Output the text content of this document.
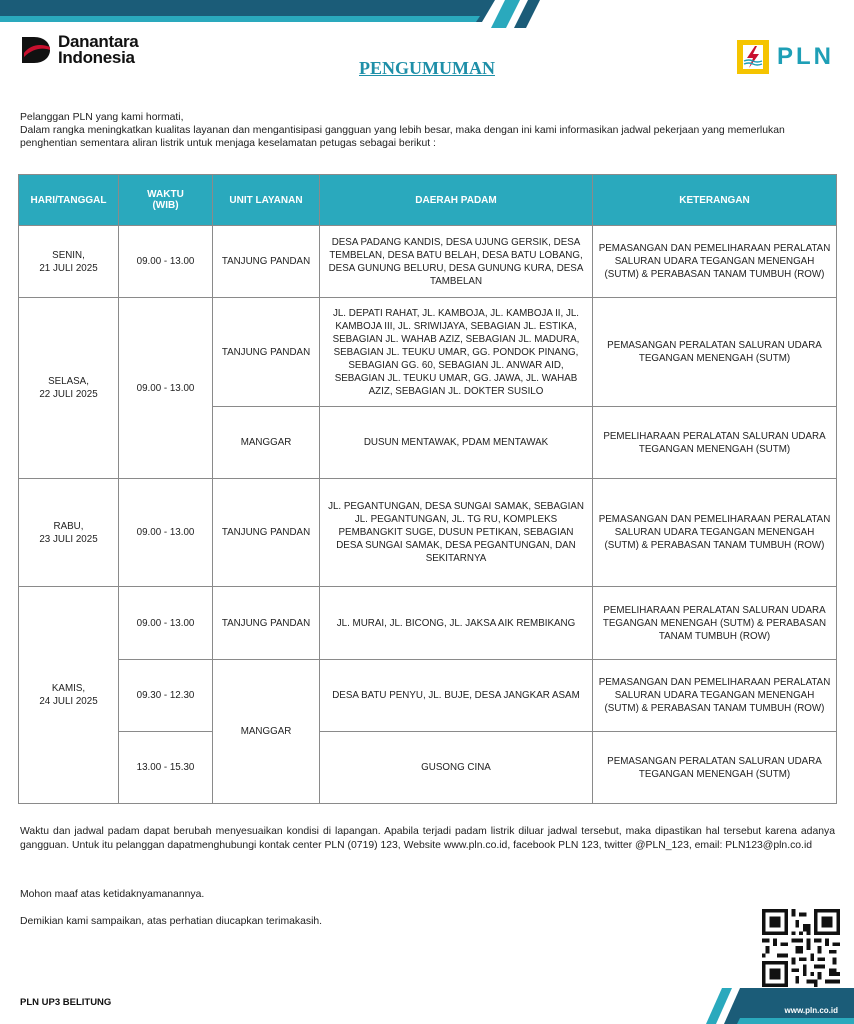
Danantara
Indonesia	PLN
PENGUMUMAN
Pelanggan PLN yang kami hormati,
Dalam rangka meningkatkan kualitas layanan dan mengantisipasi gangguan yang lebih besar, maka dengan ini kami informasikan jadwal pekerjaan yang memerlukan penghentian sementara aliran listrik untuk menjaga keselamatan petugas sebagai berikut :
HARI/TANGGAL	WAKTU
(WIB)	UNIT LAYANAN	DAERAH PADAM	KETERANGAN

SENIN,
21 JULI 2025	09.00 - 13.00	TANJUNG PANDAN	DESA PADANG KANDIS, DESA UJUNG GERSIK, DESA TEMBELAN, DESA BATU BELAH, DESA BATU LOBANG, DESA GUNUNG BELURU, DESA GUNUNG KURA, DESA TAMBELAN	PEMASANGAN DAN PEMELIHARAAN PERALATAN SALURAN UDARA TEGANGAN MENENGAH (SUTM) & PERABASAN TANAM TUMBUH (ROW)

SELASA,
22 JULI 2025	09.00 - 13.00	TANJUNG PANDAN	JL. DEPATI RAHAT, JL. KAMBOJA, JL. KAMBOJA II, JL. KAMBOJA III, JL. SRIWIJAYA, SEBAGIAN JL. ESTIKA, SEBAGIAN JL. WAHAB AZIZ, SEBAGIAN JL. MADURA, SEBAGIAN JL. TEUKU UMAR, GG. PONDOK PINANG, SEBAGIAN GG. 60, SEBAGIAN JL. ANWAR AID, SEBAGIAN JL. TEUKU UMAR, GG. JAWA, JL. WAHAB AZIZ, SEBAGIAN JL. DOKTER SUSILO	PEMASANGAN PERALATAN SALURAN UDARA TEGANGAN MENENGAH (SUTM)
		MANGGAR	DUSUN MENTAWAK, PDAM MENTAWAK	PEMELIHARAAN PERALATAN SALURAN UDARA TEGANGAN MENENGAH (SUTM)

RABU,
23 JULI 2025	09.00 - 13.00	TANJUNG PANDAN	JL. PEGANTUNGAN, DESA SUNGAI SAMAK, SEBAGIAN JL. PEGANTUNGAN, JL. TG RU, KOMPLEKS PEMBANGKIT SUGE, DUSUN PETIKAN, SEBAGIAN DESA SUNGAI SAMAK, DESA PEGANTUNGAN, DAN SEKITARNYA	PEMASANGAN DAN PEMELIHARAAN PERALATAN SALURAN UDARA TEGANGAN MENENGAH (SUTM) & PERABASAN TANAM TUMBUH (ROW)

KAMIS,
24 JULI 2025	09.00 - 13.00	TANJUNG PANDAN	JL. MURAI, JL. BICONG, JL. JAKSA AIK REMBIKANG	PEMELIHARAAN PERALATAN SALURAN UDARA TEGANGAN MENENGAH (SUTM) & PERABASAN TANAM TUMBUH (ROW)
	09.30 - 12.30	MANGGAR	DESA BATU PENYU, JL. BUJE, DESA JANGKAR ASAM	PEMASANGAN DAN PEMELIHARAAN PERALATAN SALURAN UDARA TEGANGAN MENENGAH (SUTM) & PERABASAN TANAM TUMBUH (ROW)
	13.00 - 15.30		GUSONG CINA	PEMASANGAN PERALATAN SALURAN UDARA TEGANGAN MENENGAH (SUTM)
Waktu dan jadwal padam dapat berubah menyesuaikan kondisi di lapangan. Apabila terjadi padam listrik diluar jadwal tersebut, maka dipastikan hal tersebut karena adanya gangguan. Untuk itu pelanggan dapatmenghubungi kontak center PLN (0719) 123, Website www.pln.co.id, facebook PLN 123, twitter @PLN_123, email: PLN123@pln.co.id
Mohon maaf atas ketidaknyamanannya.
Demikian kami sampaikan, atas perhatian diucapkan terimakasih.
PLN UP3 BELITUNG
www.pln.co.id
